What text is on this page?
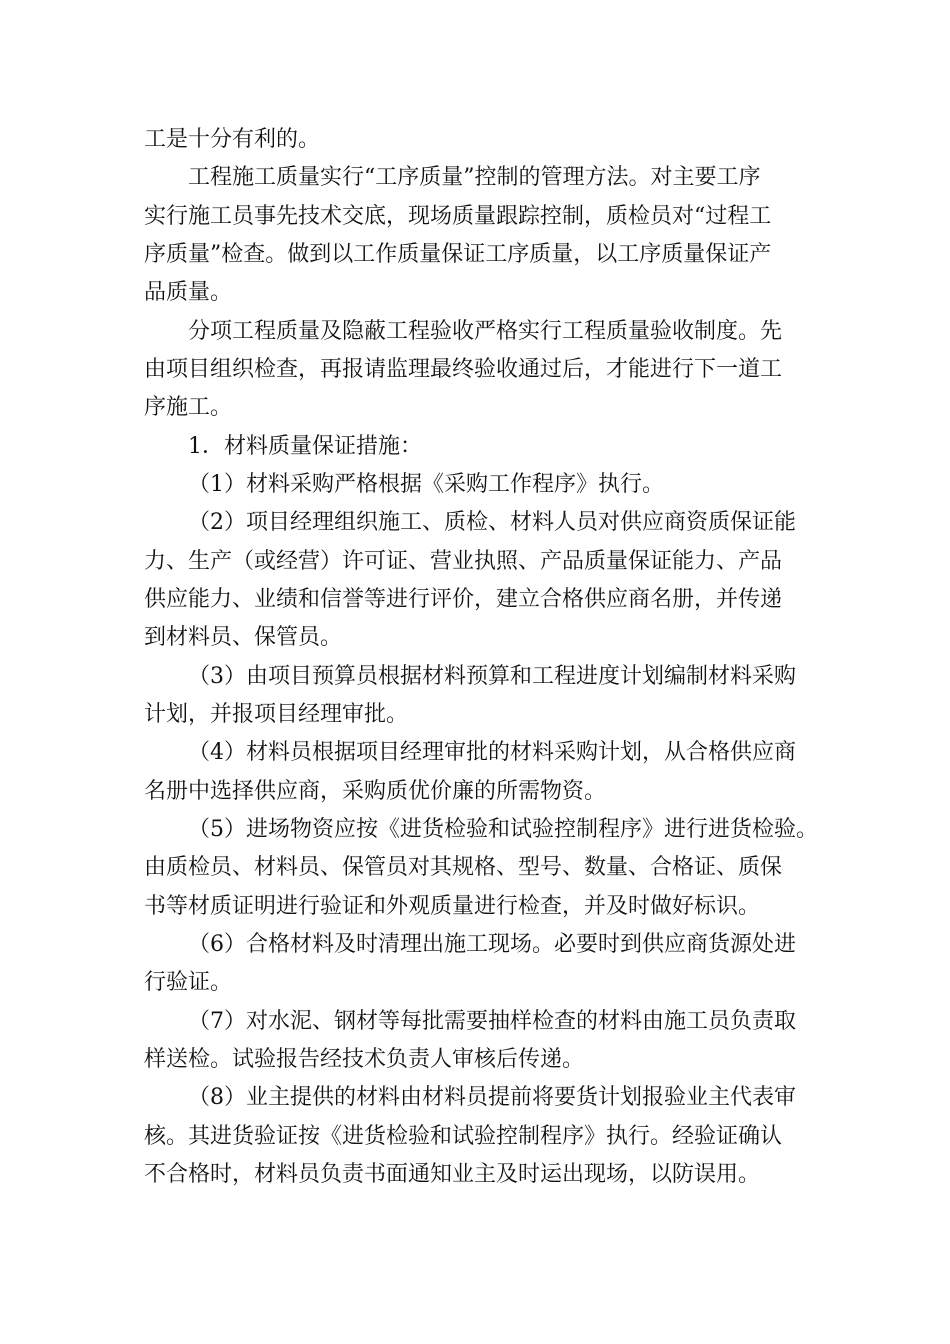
工是十分有利的。
工程施工质量实行“工序质量”控制的管理方法。对主要工序
实行施工员事先技术交底，现场质量跟踪控制，质检员对“过程工
序质量”检查。做到以工作质量保证工序质量，以工序质量保证产
品质量。
分项工程质量及隐蔽工程验收严格实行工程质量验收制度。先
由项目组织检查，再报请监理最终验收通过后，才能进行下一道工
序施工。
1．材料质量保证措施：
（1）材料采购严格根据《采购工作程序》执行。
（2）项目经理组织施工、质检、材料人员对供应商资质保证能
力、生产（或经营）许可证、营业执照、产品质量保证能力、产品
供应能力、业绩和信誉等进行评价，建立合格供应商名册，并传递
到材料员、保管员。
（3）由项目预算员根据材料预算和工程进度计划编制材料采购
计划，并报项目经理审批。
（4）材料员根据项目经理审批的材料采购计划，从合格供应商
名册中选择供应商，采购质优价廉的所需物资。
（5）进场物资应按《进货检验和试验控制程序》进行进货检验。
由质检员、材料员、保管员对其规格、型号、数量、合格证、质保
书等材质证明进行验证和外观质量进行检查，并及时做好标识。
（6）合格材料及时清理出施工现场。必要时到供应商货源处进
行验证。
（7）对水泥、钢材等每批需要抽样检查的材料由施工员负责取
样送检。试验报告经技术负责人审核后传递。
（8）业主提供的材料由材料员提前将要货计划报验业主代表审
核。其进货验证按《进货检验和试验控制程序》执行。经验证确认
不合格时，材料员负责书面通知业主及时运出现场，以防误用。
